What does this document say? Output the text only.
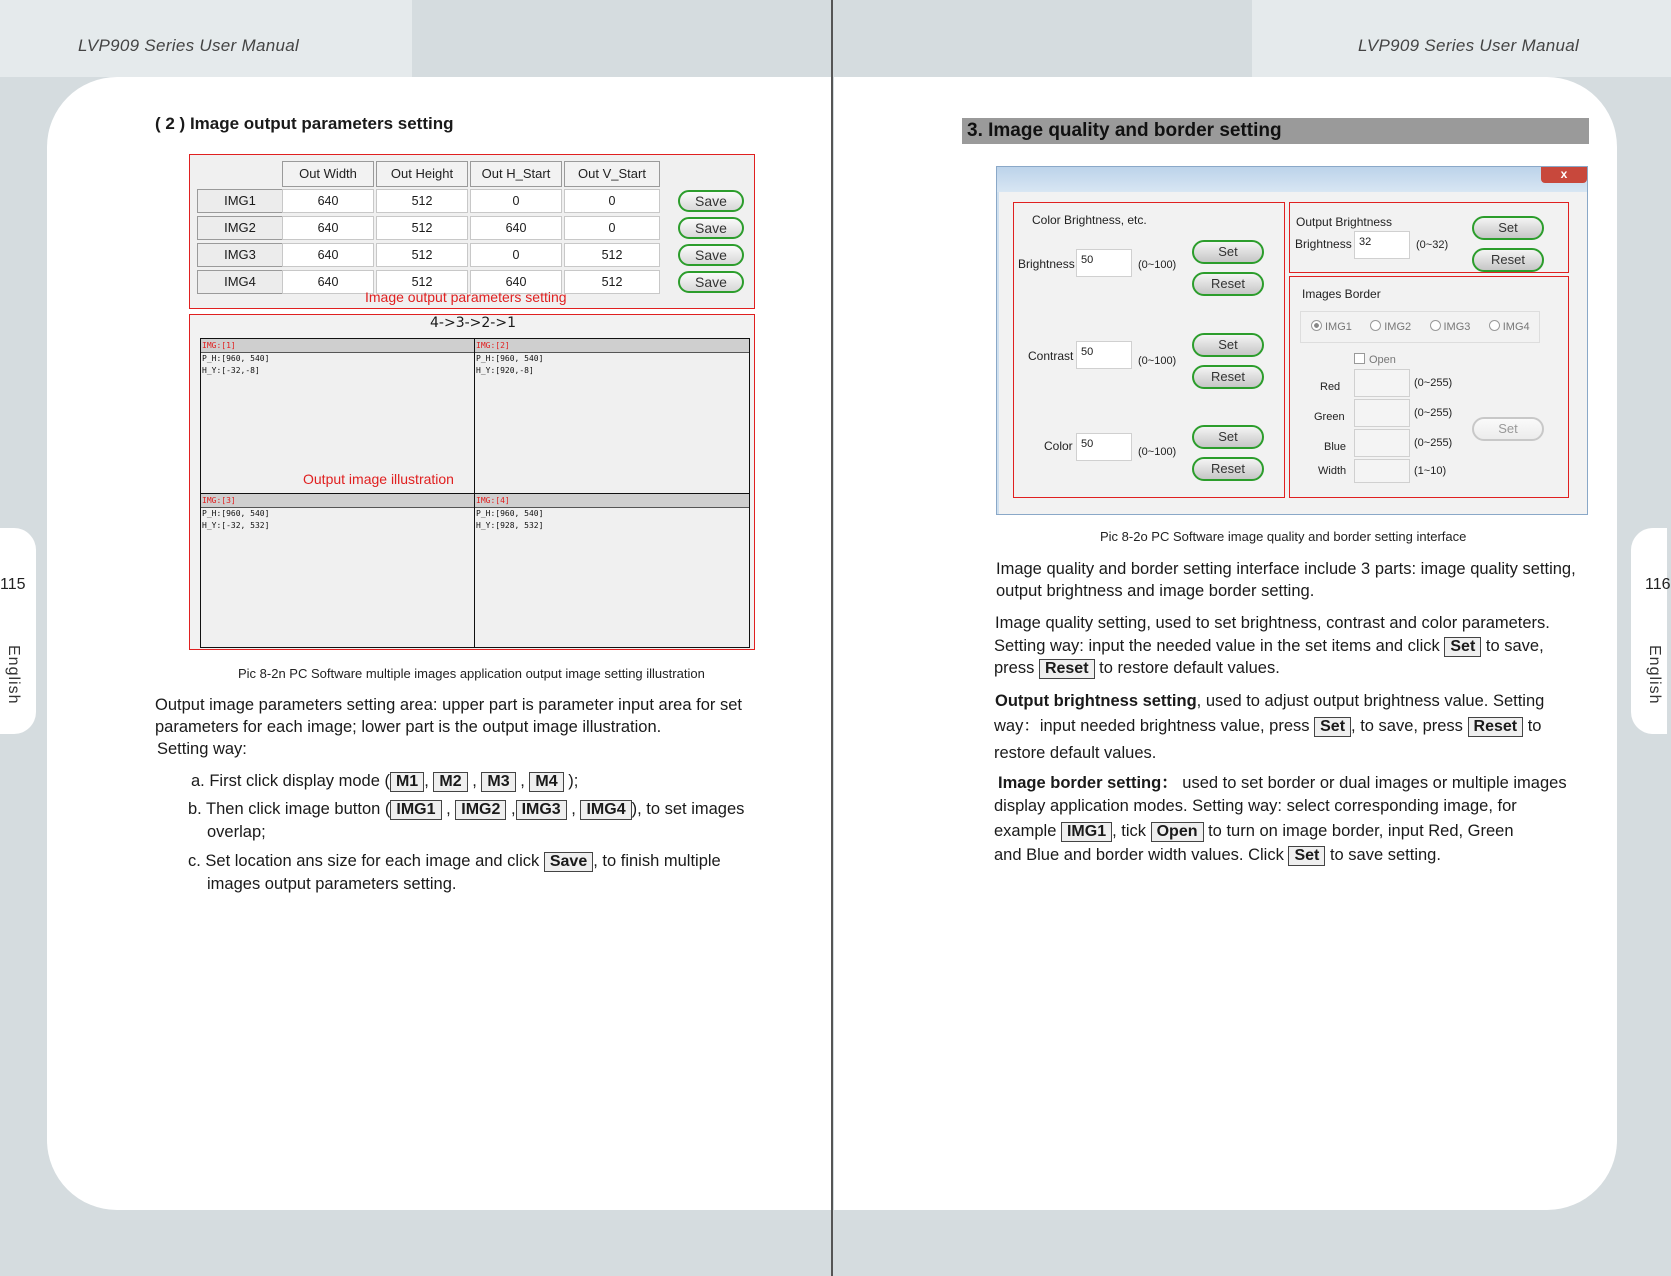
LVP909 Series User Manual	LVP909 Series User Manual
115	116
English	English
( 2 ) Image output parameters setting
Out Width	Out Height	Out H_Start	Out V_Start
IMG1	640	512	0	0	Save
IMG2	640	512	640	0	Save
IMG3	640	512	0	512	Save
IMG4	640	512	640	512	Save
Image output parameters setting
4->3->2->1
IMG:[1]
P_H:[960, 540]
H_Y:[-32,-8]
IMG:[2]
P_H:[960, 540]
H_Y:[920,-8]
IMG:[3]
P_H:[960, 540]
H_Y:[-32, 532]
IMG:[4]
P_H:[960, 540]
H_Y:[928, 532]
Output image illustration
Pic 8-2n PC Software multiple images application output image setting illustration
Output image parameters setting area: upper part is parameter input area for set parameters for each image; lower part is the output image illustration.
Setting way:
a. First click display mode ( M1 , M2 , M3 , M4 );
b. Then click image button ( IMG1 , IMG2 , IMG3 , IMG4 ), to set images
overlap;
c. Set location ans size for each image and click Save , to finish multiple
images output parameters setting.
3. Image quality and border setting
x
Color Brightness, etc.
Brightness 50	(0~100)
Set
Reset
Contrast 50
(0~100)
Set
Reset
Color 50
(0~100)
Set
Reset
Output Brightness
Brightness 32	(0~32)
Set
Reset
Images Border
IMG1	IMG2	IMG3	IMG4
Open
Red	(0~255)
Green	(0~255)
Blue	(0~255)
Width	(1~10)
Set
Pic 8-2o PC Software image quality and border setting interface
Image quality and border setting interface include 3 parts: image quality setting, output brightness and image border setting.
Image quality setting, used to set brightness, contrast and color parameters.
Setting way: input the needed value in the set items and click Set to save,
press Reset to restore default values.
Output brightness setting, used to adjust output brightness value. Setting
way：input needed brightness value, press Set , to save, press Reset to
restore default values.
Image border setting： used to set border or dual images or multiple images
display application modes. Setting way: select corresponding image, for
example IMG1 , tick Open to turn on image border, input Red, Green
and Blue and border width values. Click Set to save setting.
